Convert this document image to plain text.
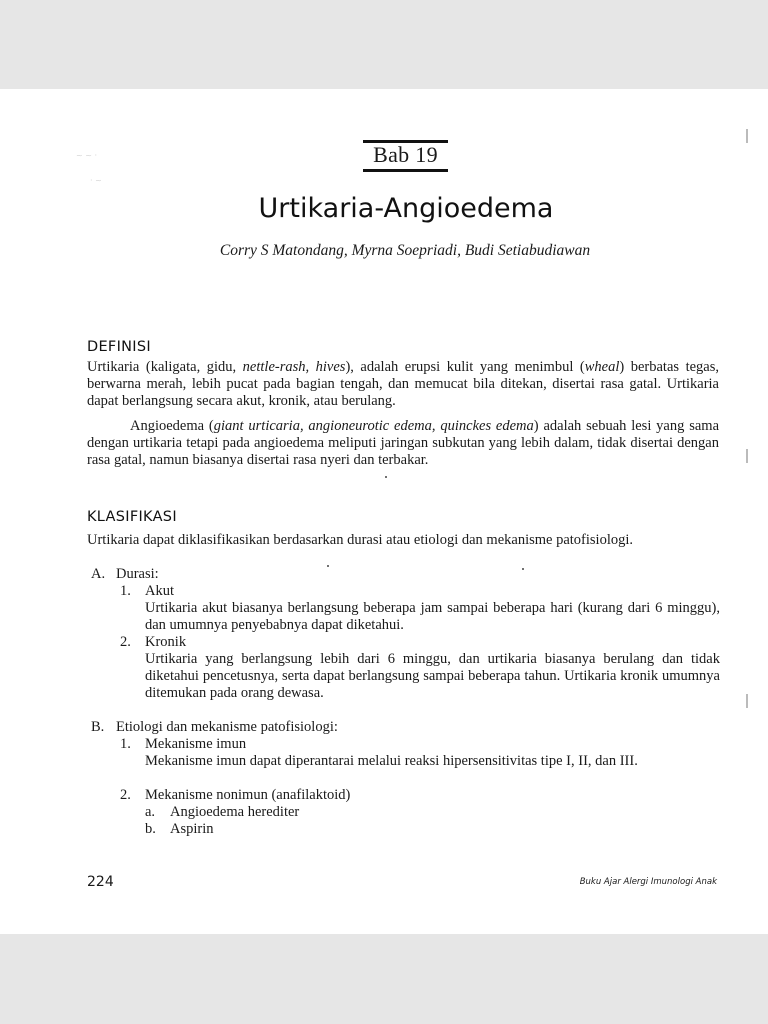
Bab 19
Urtikaria-Angioedema
Corry S Matondang, Myrna Soepriadi, Budi Setiabudiawan
DEFINISI
Urtikaria (kaligata, gidu, nettle-rash, hives), adalah erupsi kulit yang menimbul (wheal) berbatas tegas, berwarna merah, lebih pucat pada bagian tengah, dan memucat bila ditekan, disertai rasa gatal. Urtikaria dapat berlangsung secara akut, kronik, atau berulang.
Angioedema (giant urticaria, angioneurotic edema, quinckes edema) adalah sebuah lesi yang sama dengan urtikaria tetapi pada angioedema meliputi jaringan subkutan yang lebih dalam, tidak disertai dengan rasa gatal, namun biasanya disertai rasa nyeri dan terbakar.
KLASIFIKASI
Urtikaria dapat diklasifikasikan berdasarkan durasi atau etiologi dan mekanisme patofisiologi.
A. Durasi:
1. Akut
Urtikaria akut biasanya berlangsung beberapa jam sampai beberapa hari (kurang dari 6 minggu), dan umumnya penyebabnya dapat diketahui.
2. Kronik
Urtikaria yang berlangsung lebih dari 6 minggu, dan urtikaria biasanya berulang dan tidak diketahui pencetusnya, serta dapat berlangsung sampai beberapa tahun. Urtikaria kronik umumnya ditemukan pada orang dewasa.
B. Etiologi dan mekanisme patofisiologi:
1. Mekanisme imun
Mekanisme imun dapat diperantarai melalui reaksi hipersensitivitas tipe I, II, dan III.
2. Mekanisme nonimun (anafilaktoid)
a. Angioedema herediter
b. Aspirin
224	Buku Ajar Alergi Imunologi Anak
~ ~ ·
· ~
